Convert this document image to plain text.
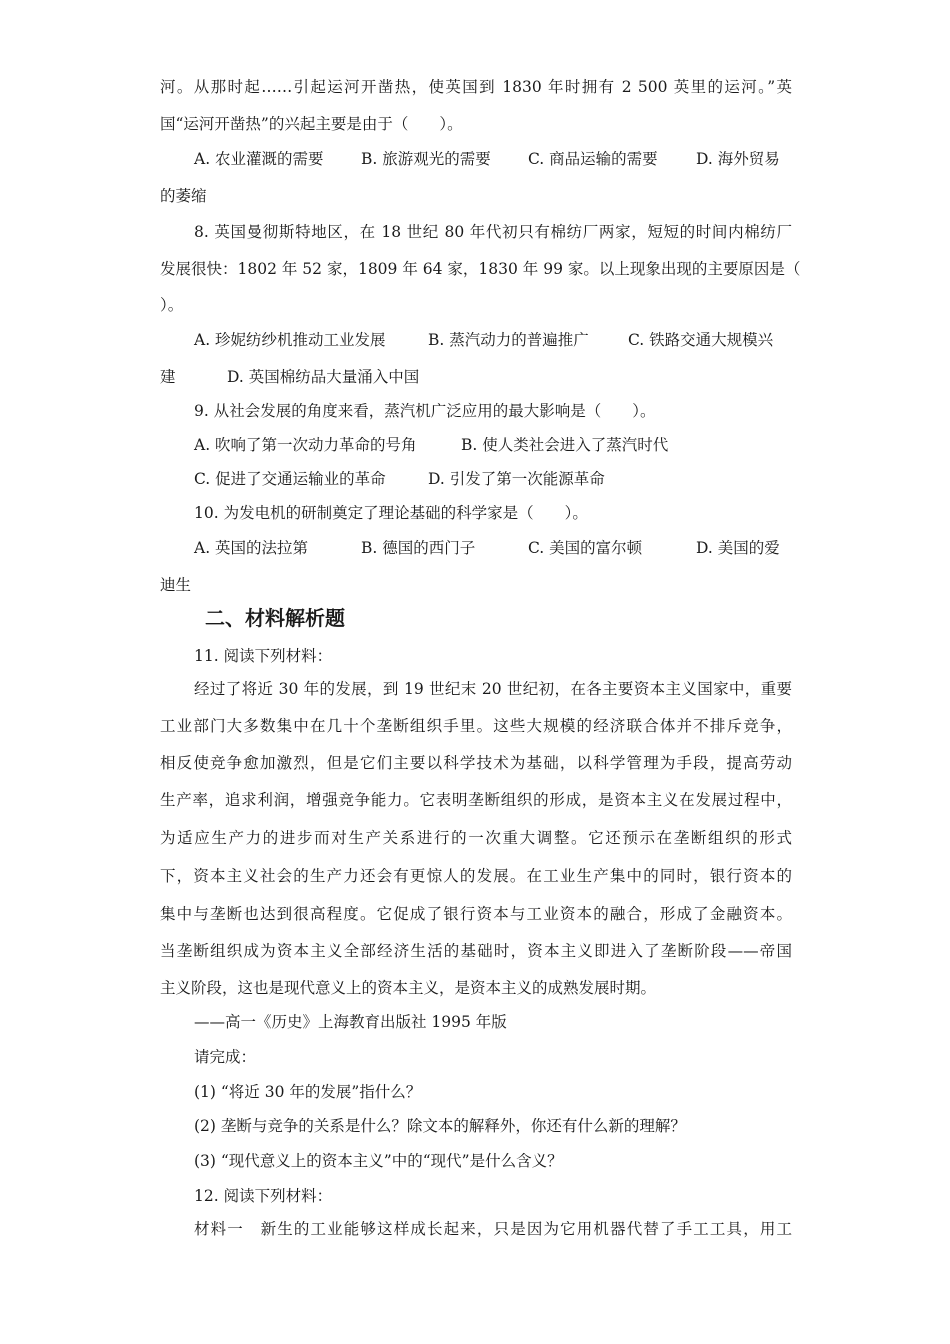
河。从那时起……引起运河开凿热，使英国到 1830 年时拥有 2 500 英里的运河。”英
国“运河开凿热”的兴起主要是由于（　　）。
A. 农业灌溉的需要 B. 旅游观光的需要 C. 商品运输的需要 D. 海外贸易
的萎缩
8. 英国曼彻斯特地区，在 18 世纪 80 年代初只有棉纺厂两家，短短的时间内棉纺厂
发展很快：1802 年 52 家，1809 年 64 家，1830 年 99 家。以上现象出现的主要原因是（
）。
A. 珍妮纺纱机推动工业发展	B. 蒸汽动力的普遍推广	C. 铁路交通大规模兴
建	D. 英国棉纺品大量涌入中国
9. 从社会发展的角度来看，蒸汽机广泛应用的最大影响是（　　）。
A. 吹响了第一次动力革命的号角	B. 使人类社会进入了蒸汽时代
C. 促进了交通运输业的革命	D. 引发了第一次能源革命
10. 为发电机的研制奠定了理论基础的科学家是（　　）。
A. 英国的法拉第	B. 德国的西门子	C. 美国的富尔顿	D. 美国的爱
迪生
二、材料解析题
11. 阅读下列材料：
经过了将近 30 年的发展，到 19 世纪末 20 世纪初，在各主要资本主义国家中，重要
工业部门大多数集中在几十个垄断组织手里。这些大规模的经济联合体并不排斥竞争，
相反使竞争愈加激烈，但是它们主要以科学技术为基础，以科学管理为手段，提高劳动
生产率，追求利润，增强竞争能力。它表明垄断组织的形成，是资本主义在发展过程中，
为适应生产力的进步而对生产关系进行的一次重大调整。它还预示在垄断组织的形式
下，资本主义社会的生产力还会有更惊人的发展。在工业生产集中的同时，银行资本的
集中与垄断也达到很高程度。它促成了银行资本与工业资本的融合，形成了金融资本。
当垄断组织成为资本主义全部经济生活的基础时，资本主义即进入了垄断阶段——帝国
主义阶段，这也是现代意义上的资本主义，是资本主义的成熟发展时期。
——高一《历史》上海教育出版社 1995 年版
请完成：
(1) “将近 30 年的发展”指什么？
(2) 垄断与竞争的关系是什么？除文本的解释外，你还有什么新的理解？
(3) “现代意义上的资本主义”中的“现代”是什么含义？
12. 阅读下列材料：
材料一　新生的工业能够这样成长起来，只是因为它用机器代替了手工工具，用工
